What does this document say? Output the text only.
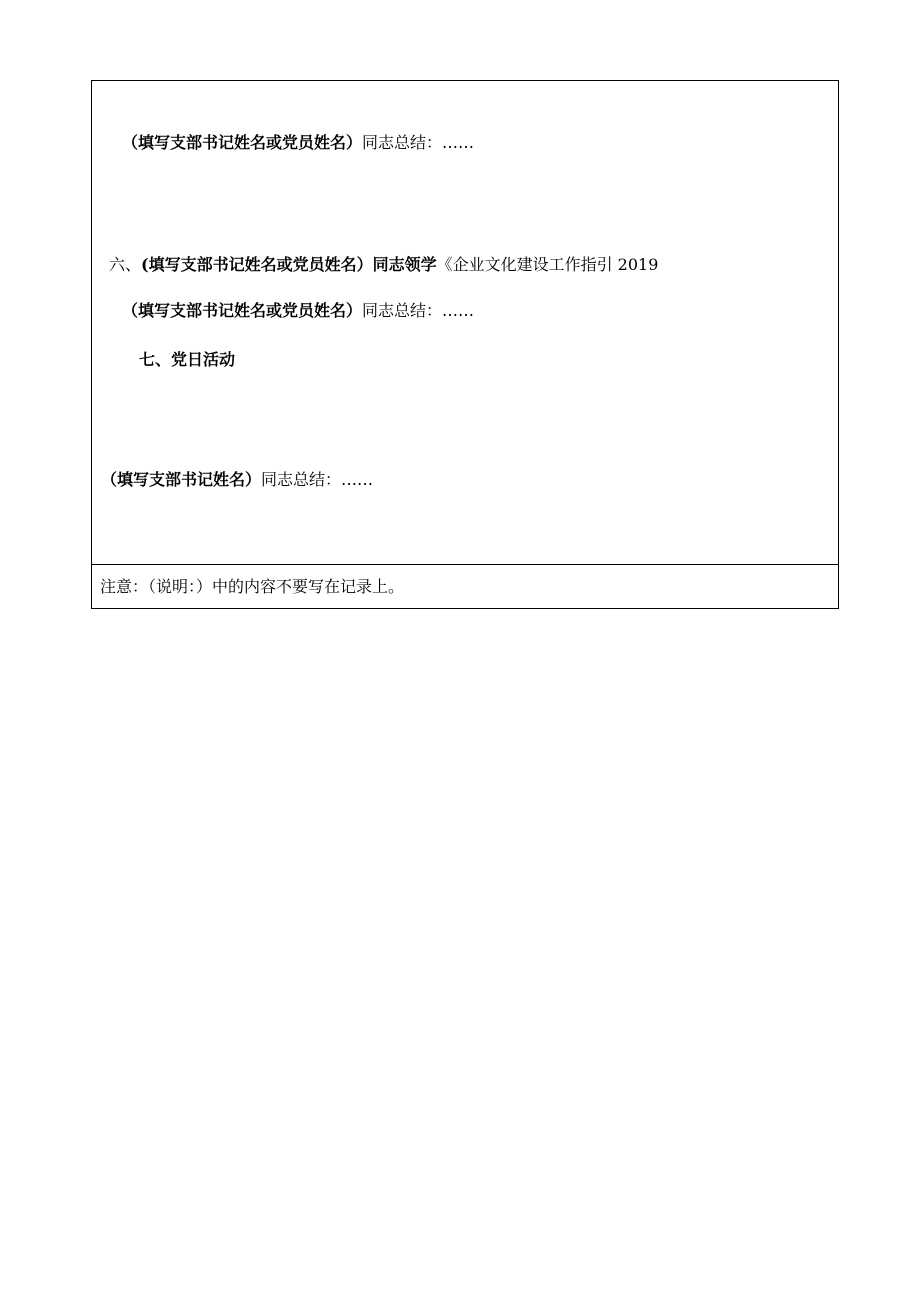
（填写支部书记姓名或党员姓名）同志总结：……
六、(填写支部书记姓名或党员姓名）同志领学《企业文化建设工作指引 2019
（填写支部书记姓名或党员姓名）同志总结：……
七、党日活动
（填写支部书记姓名）同志总结：……
注意：（说明：）中的内容不要写在记录上。
